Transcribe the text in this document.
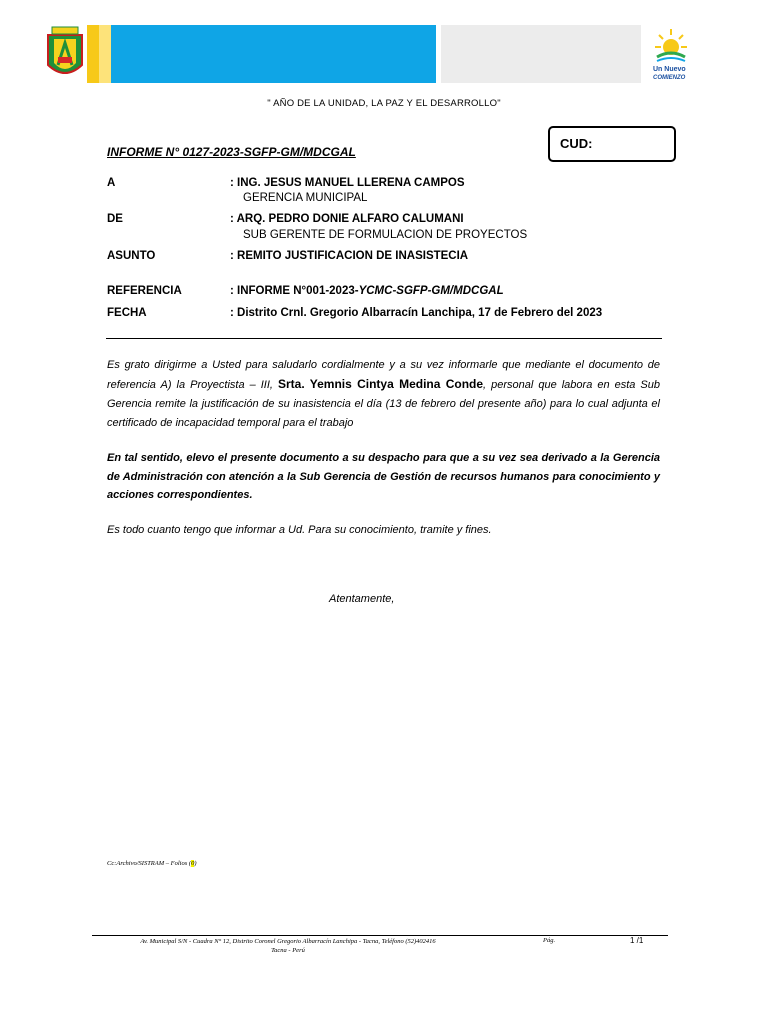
Un Nuevo
COMIENZO
" AÑO DE LA UNIDAD, LA PAZ Y EL DESARROLLO"
CUD:
INFORME N° 0127-2023-SGFP-GM/MDCGAL
A	: ING. JESUS MANUEL LLERENA CAMPOS
GERENCIA MUNICIPAL
DE	: ARQ. PEDRO DONIE ALFARO CALUMANI
SUB GERENTE DE FORMULACION DE PROYECTOS
ASUNTO	: REMITO JUSTIFICACION DE INASISTECIA
REFERENCIA	: INFORME N°001-2023-YCMC-SGFP-GM/MDCGAL
FECHA	: Distrito Crnl. Gregorio Albarracín Lanchipa, 17 de Febrero del 2023
Es grato dirigirme a Usted para saludarlo cordialmente y a su vez informarle que mediante el documento de referencia A) la Proyectista – III, Srta. Yemnis Cintya Medina Conde, personal que labora en esta Sub Gerencia remite la justificación de su inasistencia el día (13 de febrero del presente año) para lo cual adjunta el certificado de incapacidad temporal para el trabajo
En tal sentido, elevo el presente documento a su despacho para que a su vez sea derivado a la Gerencia de Administración con atención a la Sub Gerencia de Gestión de recursos humanos para conocimiento y acciones correspondientes.
Es todo cuanto tengo que informar a Ud. Para su conocimiento, tramite y fines.
Atentamente,
Cc:Archivo/SISTRAM – Folios (0)
Av. Municipal S/N - Cuadra N° 12, Distrito Coronel Gregorio Albarracín Lanchipa - Tacna, Teléfono (52)402416
Tacna - Perú
Pág.	1 /1
